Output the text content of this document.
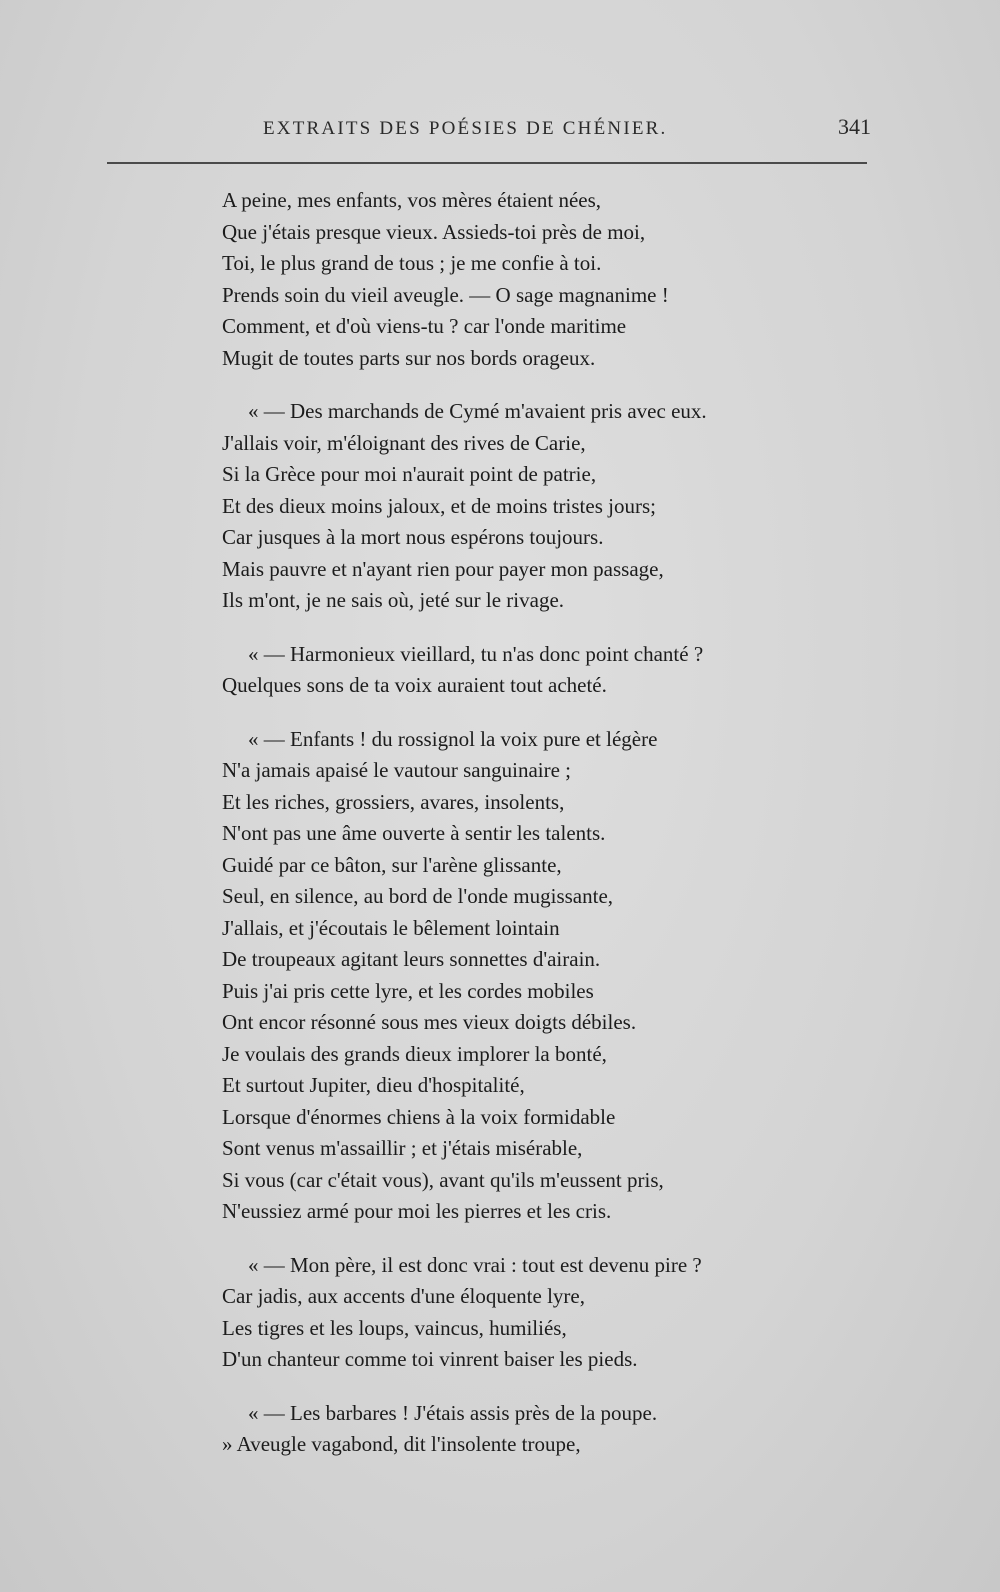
EXTRAITS DES POÉSIES DE CHÉNIER.	341
A peine, mes enfants, vos mères étaient nées,
Que j'étais presque vieux. Assieds-toi près de moi,
Toi, le plus grand de tous ; je me confie à toi.
Prends soin du vieil aveugle. — O sage magnanime !
Comment, et d'où viens-tu ? car l'onde maritime
Mugit de toutes parts sur nos bords orageux.
« — Des marchands de Cymé m'avaient pris avec eux.
J'allais voir, m'éloignant des rives de Carie,
Si la Grèce pour moi n'aurait point de patrie,
Et des dieux moins jaloux, et de moins tristes jours;
Car jusques à la mort nous espérons toujours.
Mais pauvre et n'ayant rien pour payer mon passage,
Ils m'ont, je ne sais où, jeté sur le rivage.
« — Harmonieux vieillard, tu n'as donc point chanté ?
Quelques sons de ta voix auraient tout acheté.
« — Enfants ! du rossignol la voix pure et légère
N'a jamais apaisé le vautour sanguinaire ;
Et les riches, grossiers, avares, insolents,
N'ont pas une âme ouverte à sentir les talents.
Guidé par ce bâton, sur l'arène glissante,
Seul, en silence, au bord de l'onde mugissante,
J'allais, et j'écoutais le bêlement lointain
De troupeaux agitant leurs sonnettes d'airain.
Puis j'ai pris cette lyre, et les cordes mobiles
Ont encor résonné sous mes vieux doigts débiles.
Je voulais des grands dieux implorer la bonté,
Et surtout Jupiter, dieu d'hospitalité,
Lorsque d'énormes chiens à la voix formidable
Sont venus m'assaillir ; et j'étais misérable,
Si vous (car c'était vous), avant qu'ils m'eussent pris,
N'eussiez armé pour moi les pierres et les cris.
« — Mon père, il est donc vrai : tout est devenu pire ?
Car jadis, aux accents d'une éloquente lyre,
Les tigres et les loups, vaincus, humiliés,
D'un chanteur comme toi vinrent baiser les pieds.
« — Les barbares ! J'étais assis près de la poupe.
» Aveugle vagabond, dit l'insolente troupe,
